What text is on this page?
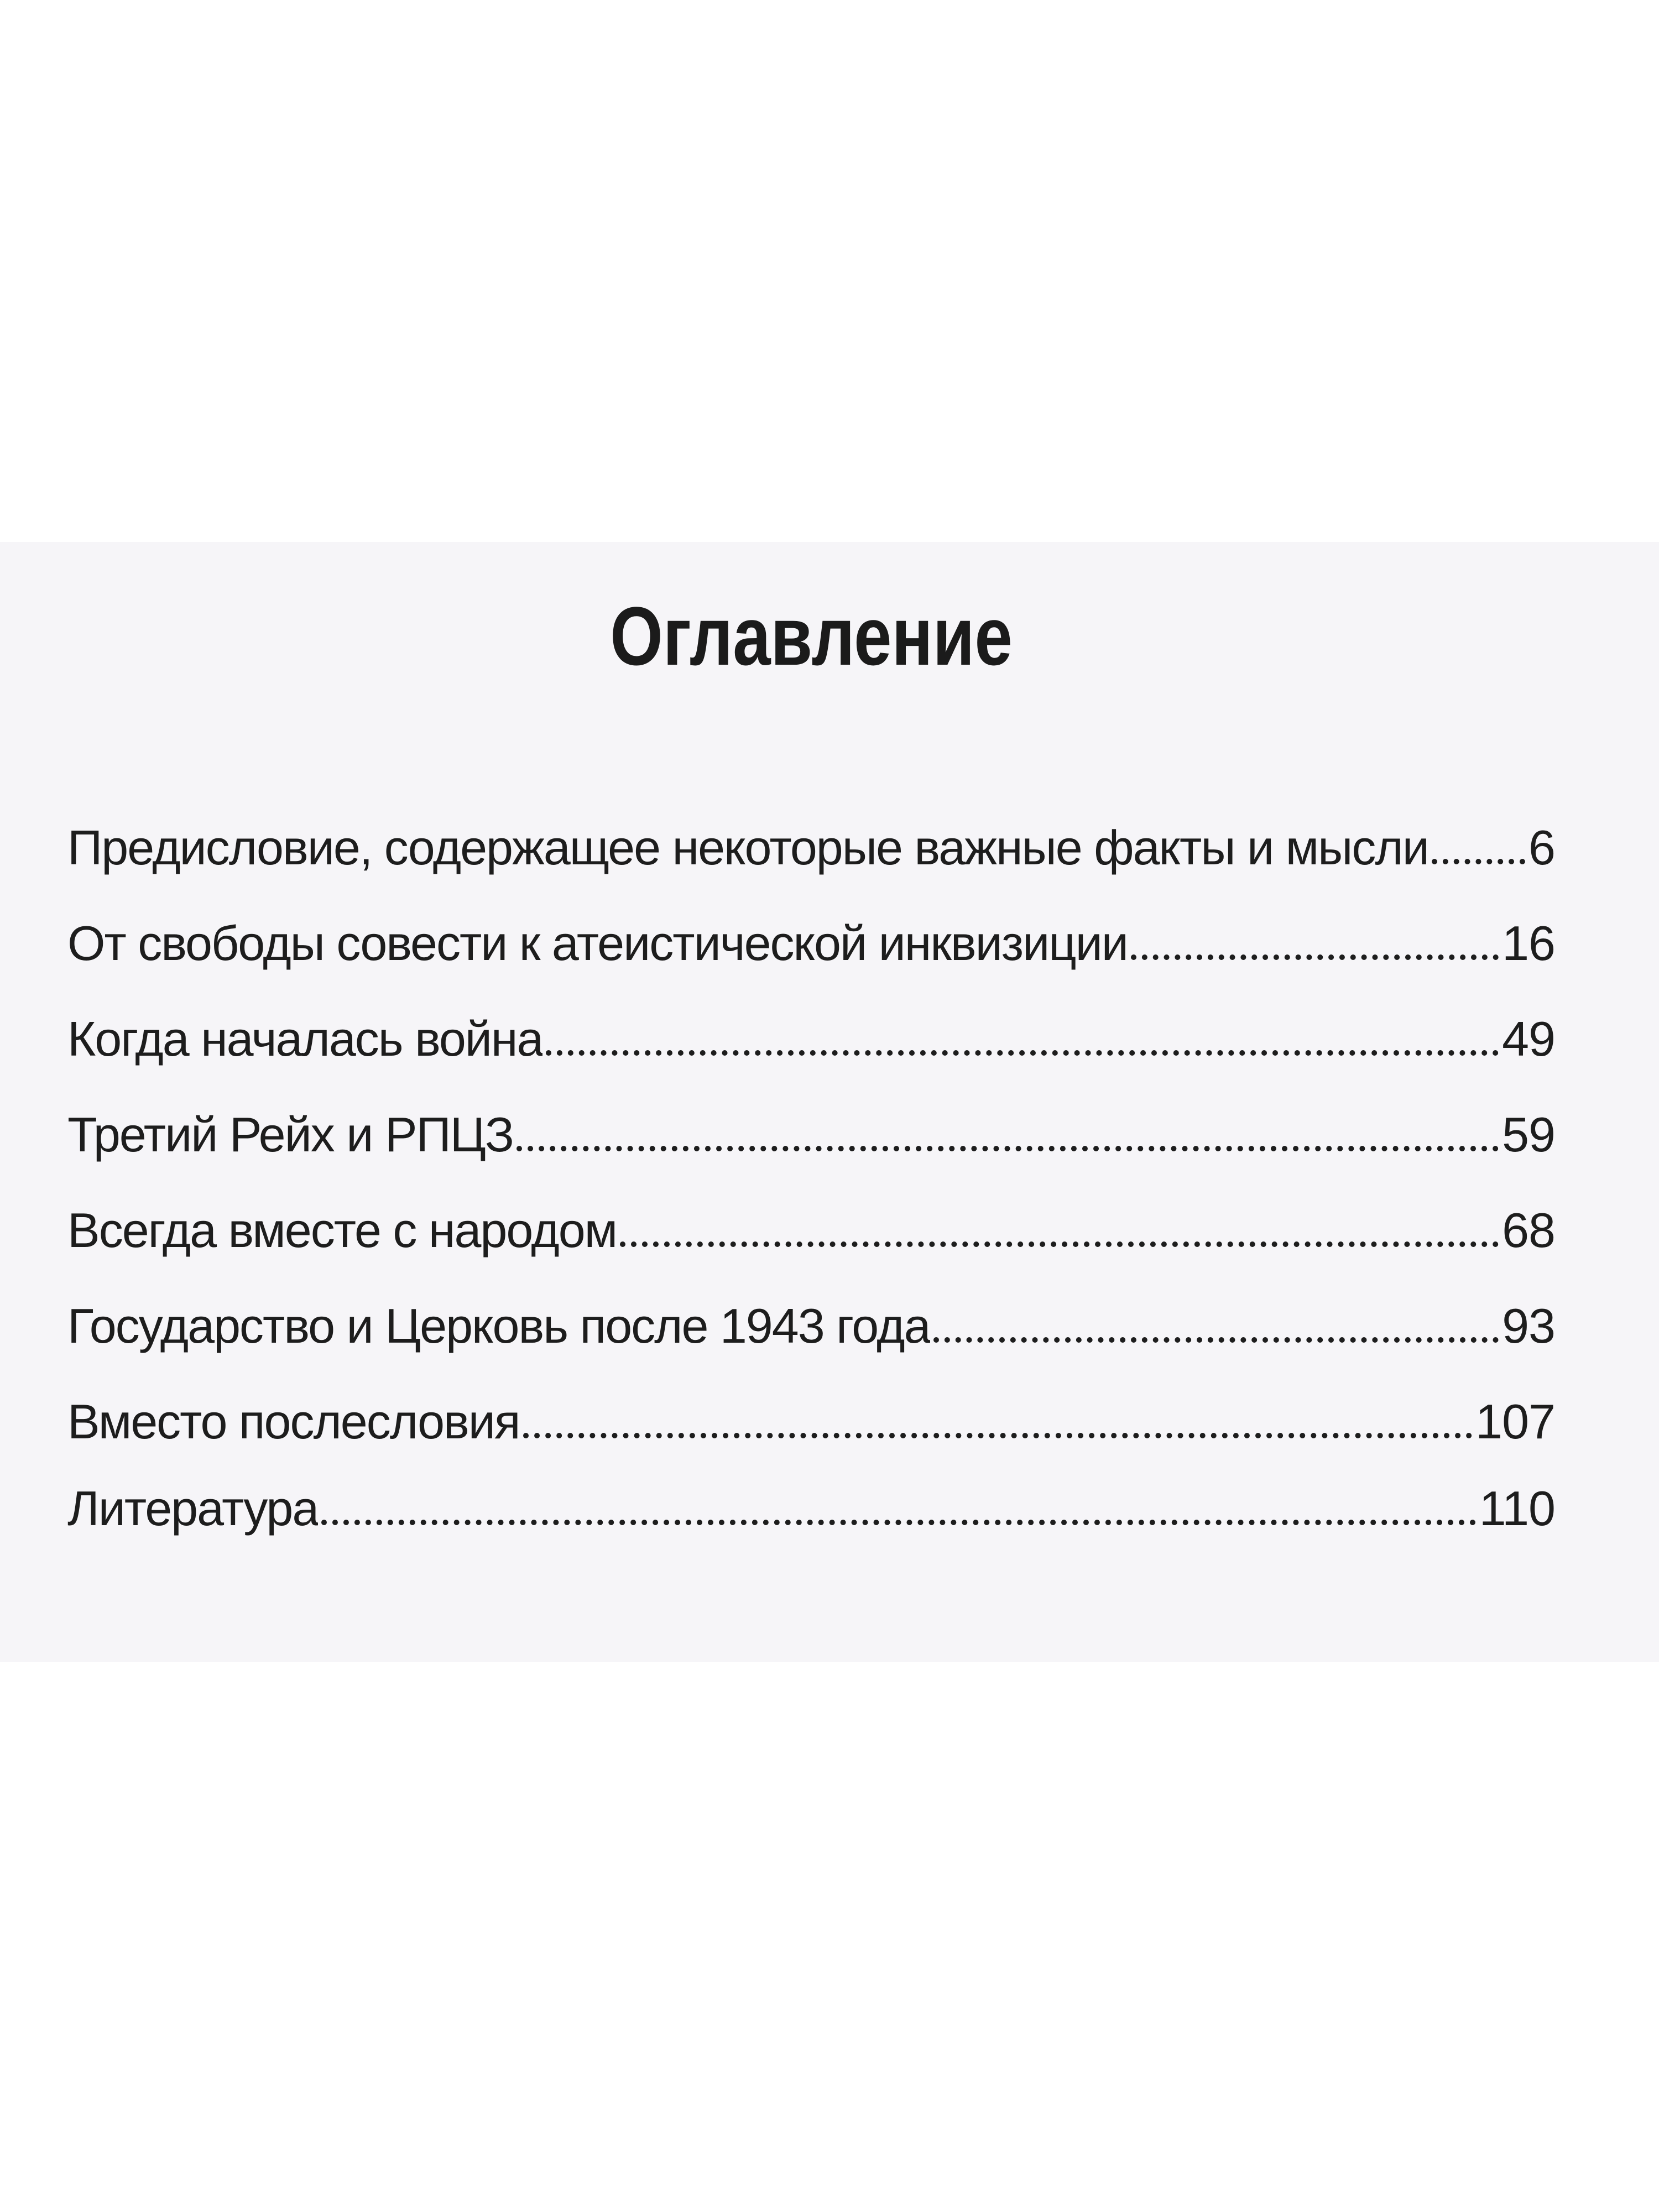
Оглавление
Предисловие, содержащее некоторые важные факты и мысли 6
От свободы совести к атеистической инквизиции	16
Когда началась война	49
Третий Рейх и РПЦЗ	59
Всегда вместе с народом	68
Государство и Церковь после 1943 года	93
Вместо послесловия	107
Литература	110
